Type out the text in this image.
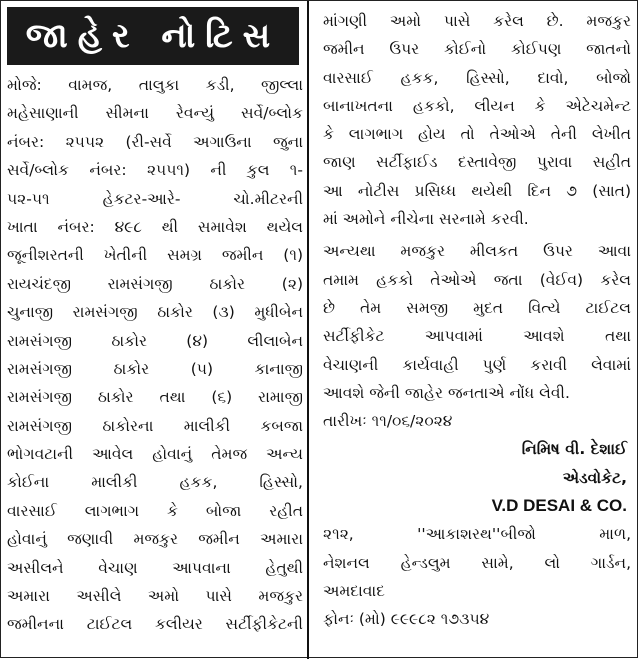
જાહેર નોટિસ
મોજે: વામજ, તાલુકા કડી, જીલ્લા
મહેસાણાની સીમના રેવન્યું સર્વે/બ્લોક
નંબર: ૨૫૫૨ (રી-સર્વે અગાઉના જુના
સર્વે/બ્લોક નંબર: ૨૫૫૧) ની કુલ ૧-
૫૨-૫૧ હેકટર-આરે- ચો.મીટરની
ખાતા નંબર: ૪૯૮ થી સમાવેશ થયેલ
જૂનીશરતની ખેતીની સમગ્ર જમીન (૧)
રાયચંદજી રામસંગજી ઠાકોર (૨)
ચુનાજી રામસંગજી ઠાકોર (૩) મુધીબેન
રામસંગજી ઠાકોર (૪) લીલાબેન
રામસંગજી ઠાકોર (૫) કાનાજી
રામસંગજી ઠાકોર તથા (૬) રામાજી
રામસંગજી ઠાકોરના માલીકી કબજા
ભોગવટાની આવેલ હોવાનું તેમજ અન્ય
કોઈના માલીકી હકક, હિસ્સો,
વારસાઈ લાગભાગ કે બોજા રહીત
હોવાનું જણાવી મજકુર જમીન અમારા
અસીલને વેચાણ આપવાના હેતુથી
અમારા અસીલે અમો પાસે મજકુર
જમીનના ટાઈટલ કલીયર સર્ટીફીકેટની
માંગણી અમો પાસે કરેલ છે. મજકુર
જમીન ઉપર કોઈનો કોઈપણ જાતનો
વારસાઈ હકક, હિસ્સો, દાવો, બોજો
બાનાખતના હકકો, લીયન કે એટેચમેન્ટ
કે લાગભાગ હોય તો તેઓએ તેની લેખીત
જાણ સર્ટીફાઈડ દસ્તાવેજી પુરાવા સહીત
આ નોટીસ પ્રસિધ્ધ થયેથી દિન ૭ (સાત)
માં અમોને નીચેના સરનામે કરવી.
અન્યથા મજકુર મીલકત ઉપર આવા
તમામ હકકો તેઓએ જતા (વેઈવ) કરેલ
છે તેમ સમજી મુદત વિત્યે ટાઈટલ
સર્ટીફીકેટ આપવામાં આવશે તથા
વેચાણની કાર્યવાહી પુર્ણ કરાવી લેવામાં
આવશે જેની જાહેર જનતાએ નોંધ લેવી.
તારીખઃ ૧૧/૦૬/૨૦૨૪
નિમિષ વી. દેશાઈ
એડવોકેટ,
V.D DESAI & CO.
૨૧૨, ''આકાશરથ''બીજો માળ,
નેશનલ હેન્ડલુમ સામે, લો ગાર્ડન,
અમદાવાદ
ફોનઃ (મો) ૯૯૯૮૨ ૧૭૩૫૪
